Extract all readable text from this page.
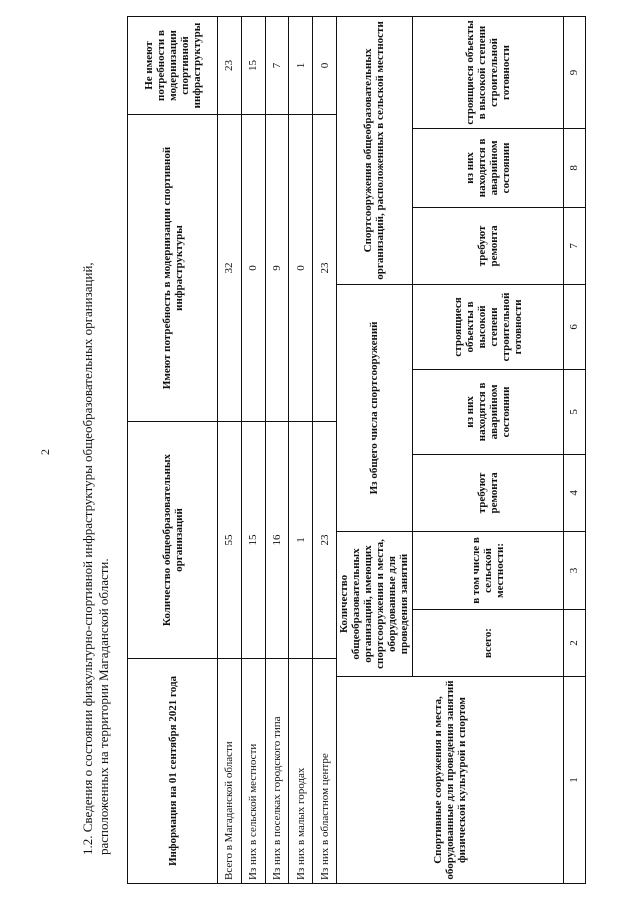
2 1.2. Сведения о состоянии физкультурно-спортивной инфраструктуры общеобразовательных организаций, расположенных на территории Магаданской области.	Информация на 01 сентября 2021 года	Количество общеобразовательных организаций	Имеют потребность в модернизации спортивной инфраструктуры	Не имеют потребности в модернизации спортивной инфраструктуры
Всего в Магаданской области	55	32	23
Из них в сельской местности	15	0	15
Из них в поселках городского типа	16	9	7
Из них в малых городах	1	0	1
Из них в областном центре	23	23	0
Спортивные сооружения и места, оборудованные для проведения занятий физической культурой и спортом	Количество общеобразовательных организаций, имеющих спортсооружения и места, оборудованные для проведения занятий		Из общего числа спортсооружений			Спортсооружения общеобразовательных организаций, расположенных в сельской местности		
	всего:	в том числе в сельской местности:	требуют ремонта	из них находятся в аварийном состоянии	строящиеся объекты в высокой степени строительной готовности	требуют ремонта	из них находятся в аварийном состоянии	строящиеся объекты в высокой степени строительной готовности
1	2	3	4	5	6	7	8	9
